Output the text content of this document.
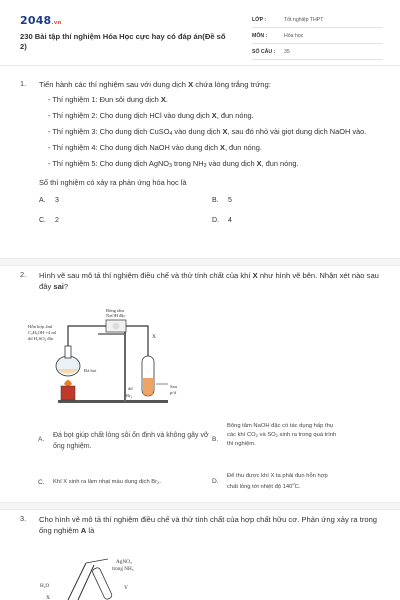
2048.vn
230 Bài tập thí nghiệm Hóa Học cực hay có đáp án(Đề số 2)
LỚP :	Tốt nghiệp THPT
MÔN :	Hóa học
SỐ CÂU : 35
1. Tiến hành các thí nghiệm sau với dung dịch X chứa lòng trắng trứng:
- Thí nghiệm 1: Đun sôi dung dịch X.
- Thí nghiệm 2: Cho dung dịch HCl vào dung dịch X, đun nóng.
- Thí nghiệm 3: Cho dung dịch CuSO$_4$ vào dung dịch X, sau đó nhỏ vài giọt dung dịch NaOH vào.
- Thí nghiệm 4: Cho dung dịch NaOH vào dung dịch X, đun nóng.
- Thí nghiệm 5: Cho dung dịch AgNO$_3$ trong $NH_3$ vào dung dịch X, đun nóng.
Số thí nghiệm có xảy ra phản ứng hóa học là
A. 3	B. 5
C. 2	D. 4
2. Hình vẽ sau mô tả thí nghiệm điều chế và thử tính chất của khí X như hình vẽ bên. Nhận xét nào sau đây sai?
Hỗn hợp 2ml
C₂H₅OH +4 ml
dd H₂SO₄ đặc
Bông tẩm
NaOH đặc
X
Đá bọt
dd
Br₂
Sau
p/ứ
A.
Đá bọt giúp chất lỏng sôi ổn định và không gây vỡ ống nghiệm.
B.
Bông tẩm NaOH đặc có tác dụng hấp thụ
các khí $CO_2$ và $SO_2$ sinh ra trong quá trình
thí nghiệm.
C. Khí X sinh ra làm nhạt màu dung dịch $Br_2$.	D.
Để thu được khí X ta phải đun hỗn hợp
chất lỏng tới nhiệt độ 140$^o$C.
3. Cho hình vẽ mô tả thí nghiệm điều chế và thử tính chất của hợp chất hữu cơ. Phản ứng xảy ra trong ống nghiệm A là
AgNO₃
trong NH₃
H₂O	Y
X
